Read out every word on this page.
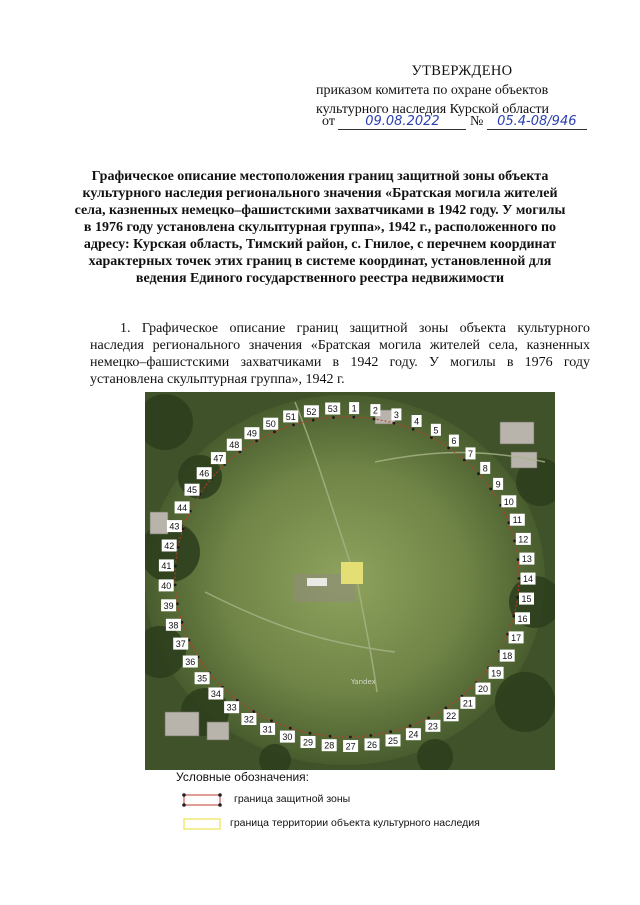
УТВЕРЖДЕНО
приказом комитета по охране объектов
культурного наследия Курской области
от 09.08.2022 № 05.4-08/946
Графическое описание местоположения границ защитной зоны объекта культурного наследия регионального значения «Братская могила жителей села, казненных немецко–фашистскими захватчиками в 1942 году. У могилы в 1976 году установлена скульптурная группа», 1942 г., расположенного по адресу: Курская область, Тимский район, с. Гнилое, с перечнем координат характерных точек этих границ в системе координат, установленной для ведения Единого государственного реестра недвижимости
1. Графическое описание границ защитной зоны объекта культурного наследия регионального значения «Братская могила жителей села, казненных немецко–фашистскими захватчиками в 1942 году. У могилы в 1976 году установлена скульптурная группа», 1942 г.
Yandex
1 2 3
4
5
6
7
8
9
10
11
12
13
14
15
16
17
18
19
20
21
22
23
24
25
26
27
28
29
30
31
32
33
34
35
36
37
38
39
40
41
42
43
44
45
46
47
48
49
50
51
52 53
Условные обозначения:
граница защитной зоны
граница территории объекта культурного наследия
